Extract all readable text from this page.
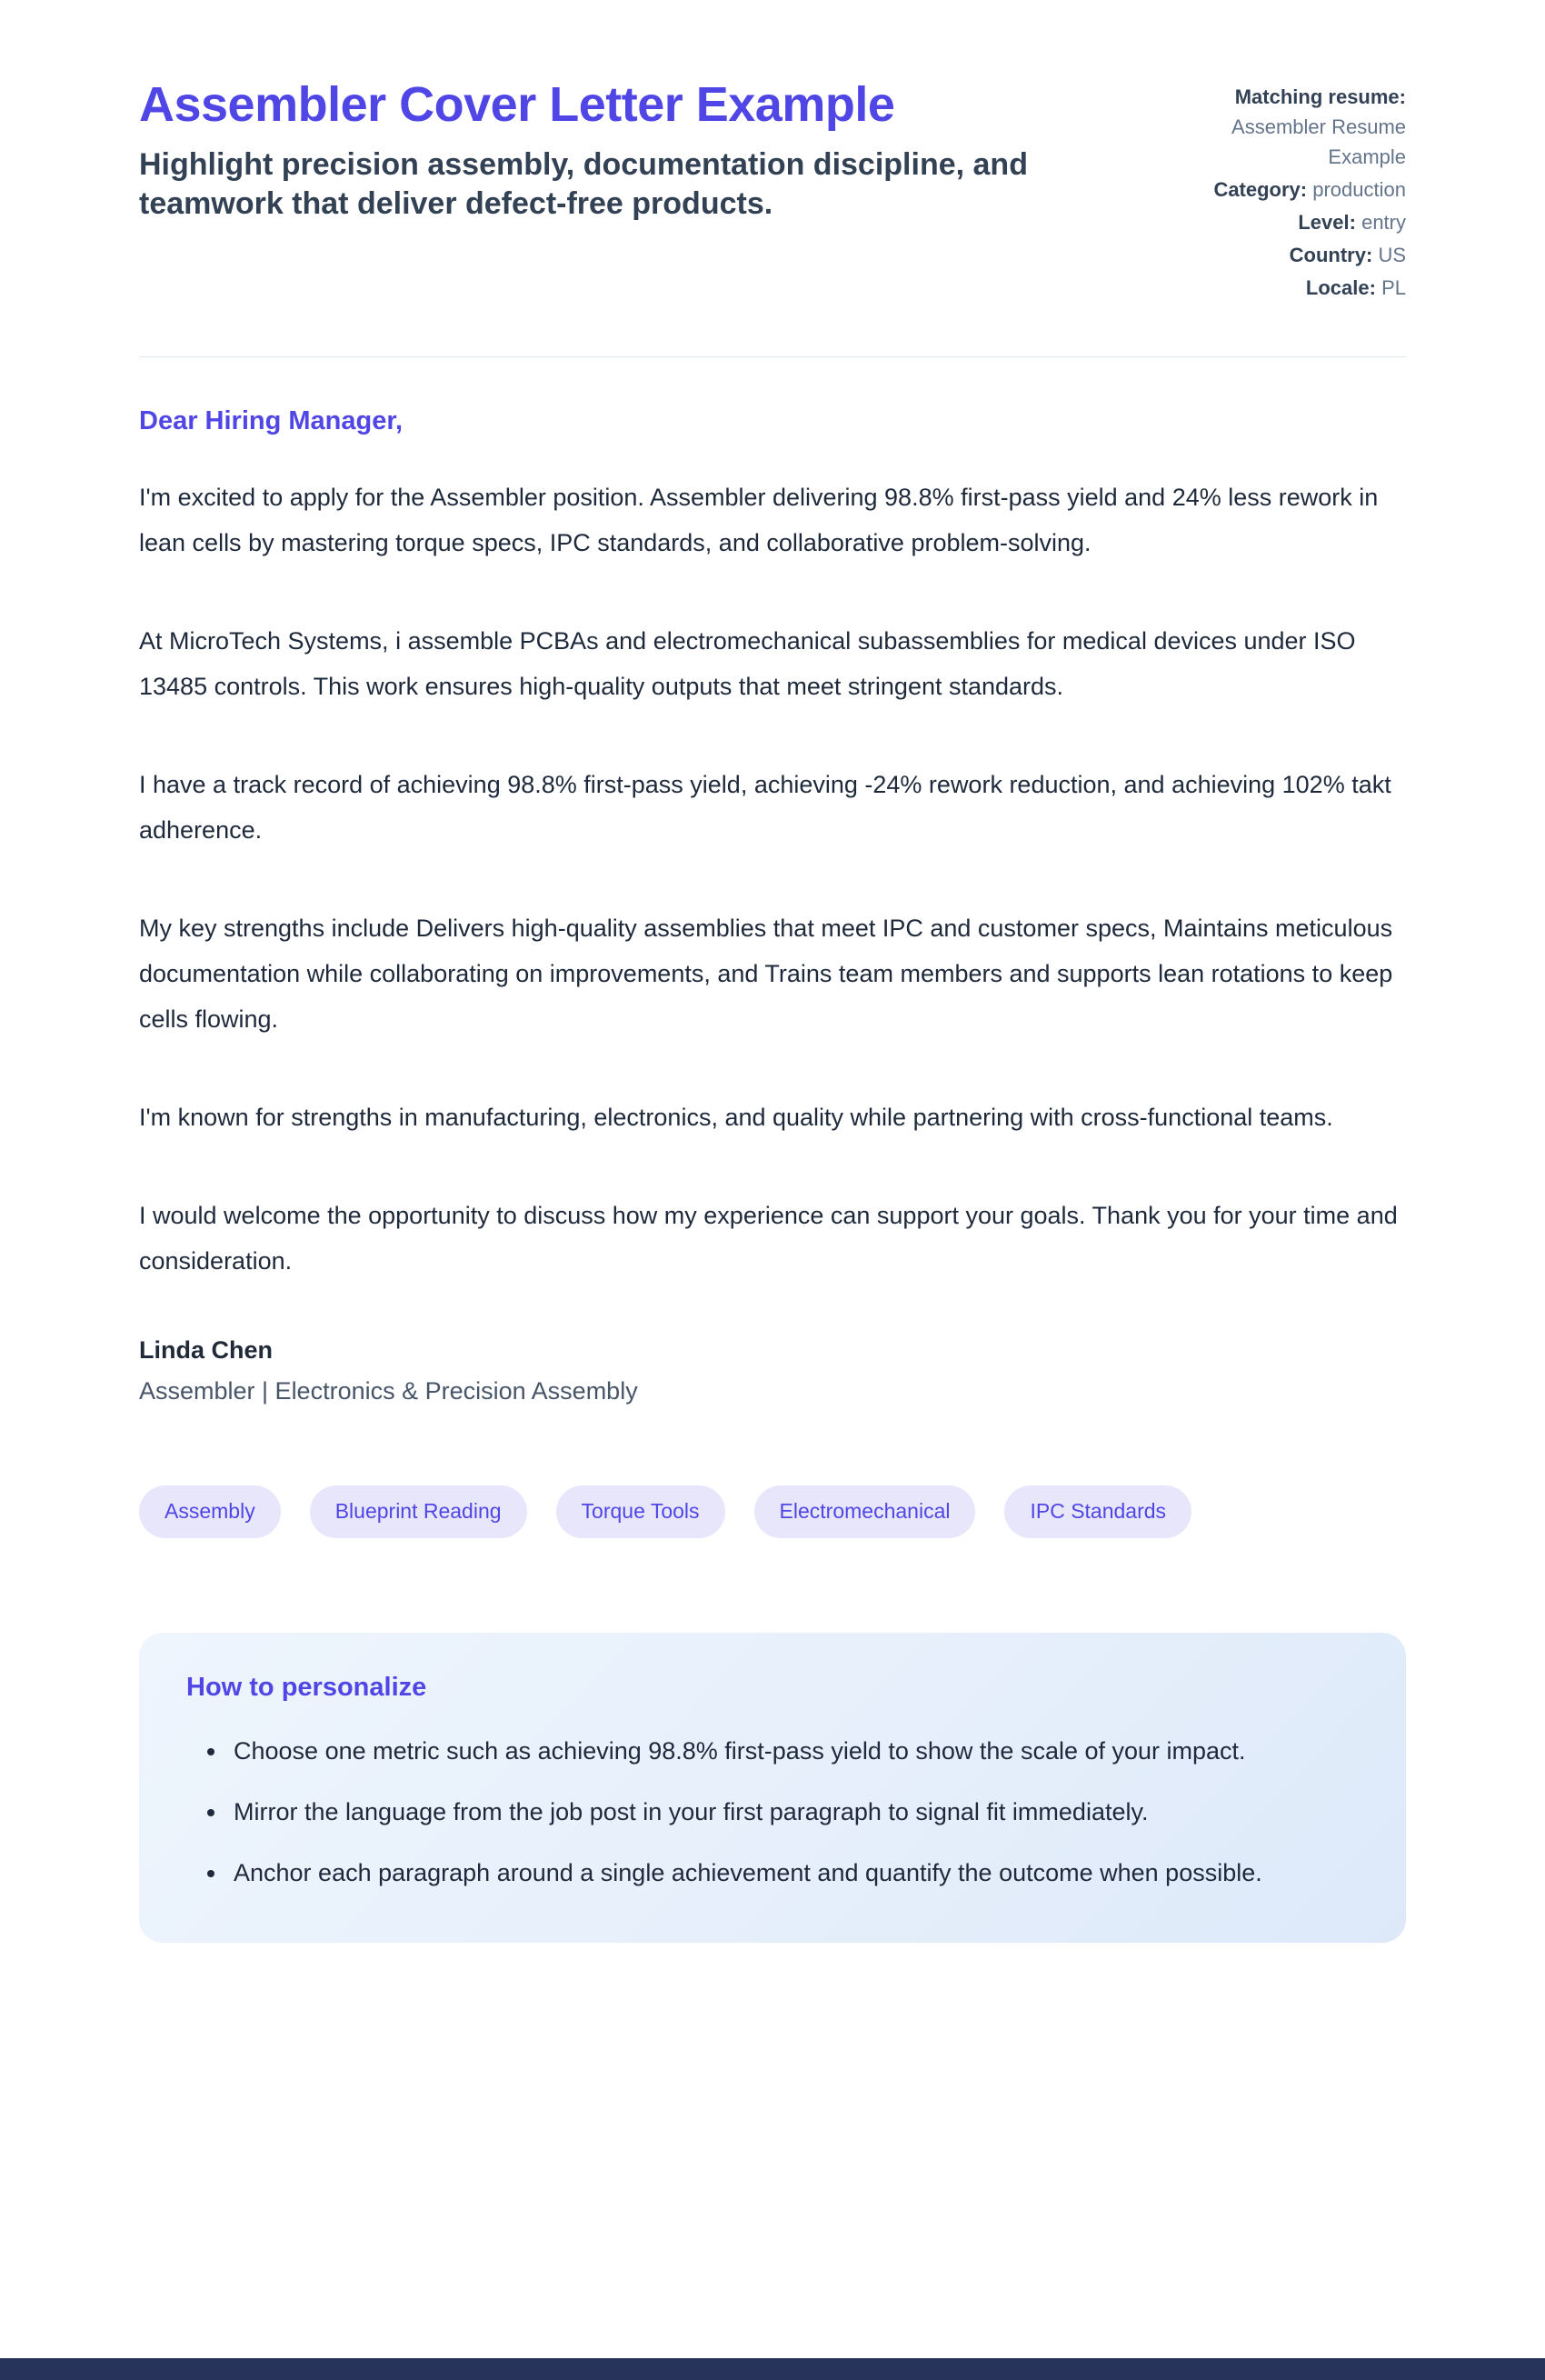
Assembler Cover Letter Example

Highlight precision assembly, documentation discipline, and teamwork that deliver defect-free products.

Matching resume: Assembler Resume Example
Category: production
Level: entry
Country: US
Locale: PL

Dear Hiring Manager,

I'm excited to apply for the Assembler position. Assembler delivering 98.8% first-pass yield and 24% less rework in lean cells by mastering torque specs, IPC standards, and collaborative problem-solving.

At MicroTech Systems, i assemble PCBAs and electromechanical subassemblies for medical devices under ISO 13485 controls. This work ensures high-quality outputs that meet stringent standards.

I have a track record of achieving 98.8% first-pass yield, achieving -24% rework reduction, and achieving 102% takt adherence.

My key strengths include Delivers high-quality assemblies that meet IPC and customer specs, Maintains meticulous documentation while collaborating on improvements, and Trains team members and supports lean rotations to keep cells flowing.

I'm known for strengths in manufacturing, electronics, and quality while partnering with cross-functional teams.

I would welcome the opportunity to discuss how my experience can support your goals. Thank you for your time and consideration.

Linda Chen
Assembler | Electronics & Precision Assembly
Assembly	Blueprint Reading	Torque Tools	Electromechanical	IPC Standards
How to personalize
• Choose one metric such as achieving 98.8% first-pass yield to show the scale of your impact.
• Mirror the language from the job post in your first paragraph to signal fit immediately.
• Anchor each paragraph around a single achievement and quantify the outcome when possible.
